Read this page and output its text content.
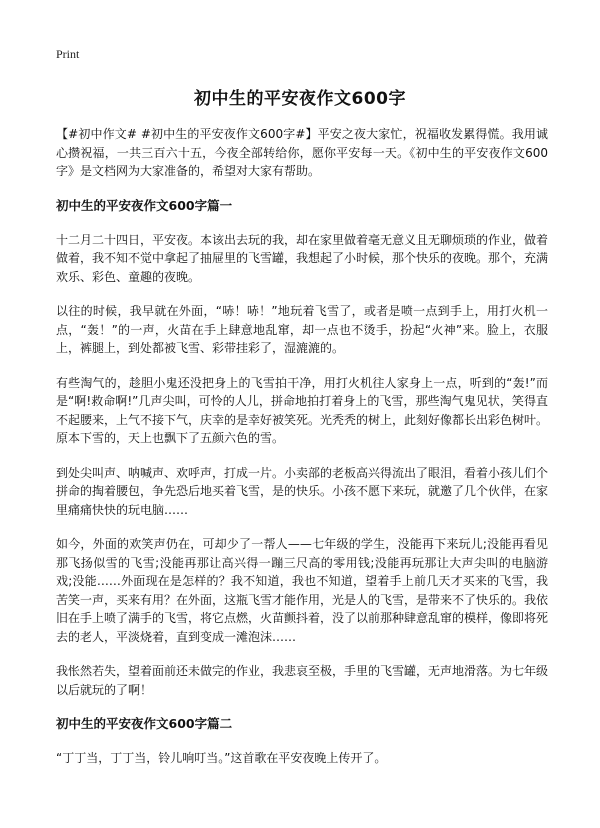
Print
初中生的平安夜作文600字

【#初中作文# #初中生的平安夜作文600字#】平安之夜大家忙，祝福收发累得慌。我用诚心攒祝福，一共三百六十五，今夜全部转给你，愿你平安每一天。《初中生的平安夜作文600字》是文档网为大家准备的，希望对大家有帮助。

初中生的平安夜作文600字篇一

十二月二十四日，平安夜。本该出去玩的我，却在家里做着毫无意义且无聊烦琐的作业，做着做着，我不知不觉中拿起了抽屉里的飞雪罐，我想起了小时候，那个快乐的夜晚。那个，充满欢乐、彩色、童趣的夜晚。

以往的时候，我早就在外面，“哧！哧！”地玩着飞雪了，或者是喷一点到手上，用打火机一点，“轰！”的一声，火苗在手上肆意地乱窜，却一点也不烫手，扮起“火神”来。脸上，衣服上，裤腿上，到处都被飞雪、彩带挂彩了，湿漉漉的。

有些淘气的，趁胆小鬼还没把身上的飞雪拍干净，用打火机往人家身上一点，听到的“轰!”而是“啊!救命啊!”几声尖叫，可怜的人儿，拼命地拍打着身上的飞雪，那些淘气鬼见状，笑得直不起腰来，上气不接下气，庆幸的是幸好被笑死。光秃秃的树上，此刻好像都长出彩色树叶。原本下雪的，天上也飘下了五颜六色的雪。

到处尖叫声、呐喊声、欢呼声，打成一片。小卖部的老板高兴得流出了眼泪，看着小孩儿们个拼命的掏着腰包，争先恐后地买着飞雪，是的快乐。小孩不愿下来玩，就邀了几个伙伴，在家里痛痛快快的玩电脑……

如今，外面的欢笑声仍在，可却少了一帮人——七年级的学生，没能再下来玩儿;没能再看见那飞扬似雪的飞雪;没能再那让高兴得一蹦三尺高的零用钱;没能再玩那让大声尖叫的电脑游戏;没能……外面现在是怎样的？我不知道，我也不知道，望着手上前几天才买来的飞雪，我苦笑一声，买来有用？在外面，这瓶飞雪才能作用，光是人的飞雪，是带来不了快乐的。我依旧在手上喷了满手的飞雪，将它点燃，火苗颤抖着，没了以前那种肆意乱窜的模样，像即将死去的老人，平淡烧着，直到变成一滩泡沫……

我怅然若失，望着面前还未做完的作业，我悲哀至极，手里的飞雪罐，无声地滑落。为七年级以后就玩的了啊！

初中生的平安夜作文600字篇二

“丁丁当，丁丁当，铃儿响叮当。”这首歌在平安夜晚上传开了。
